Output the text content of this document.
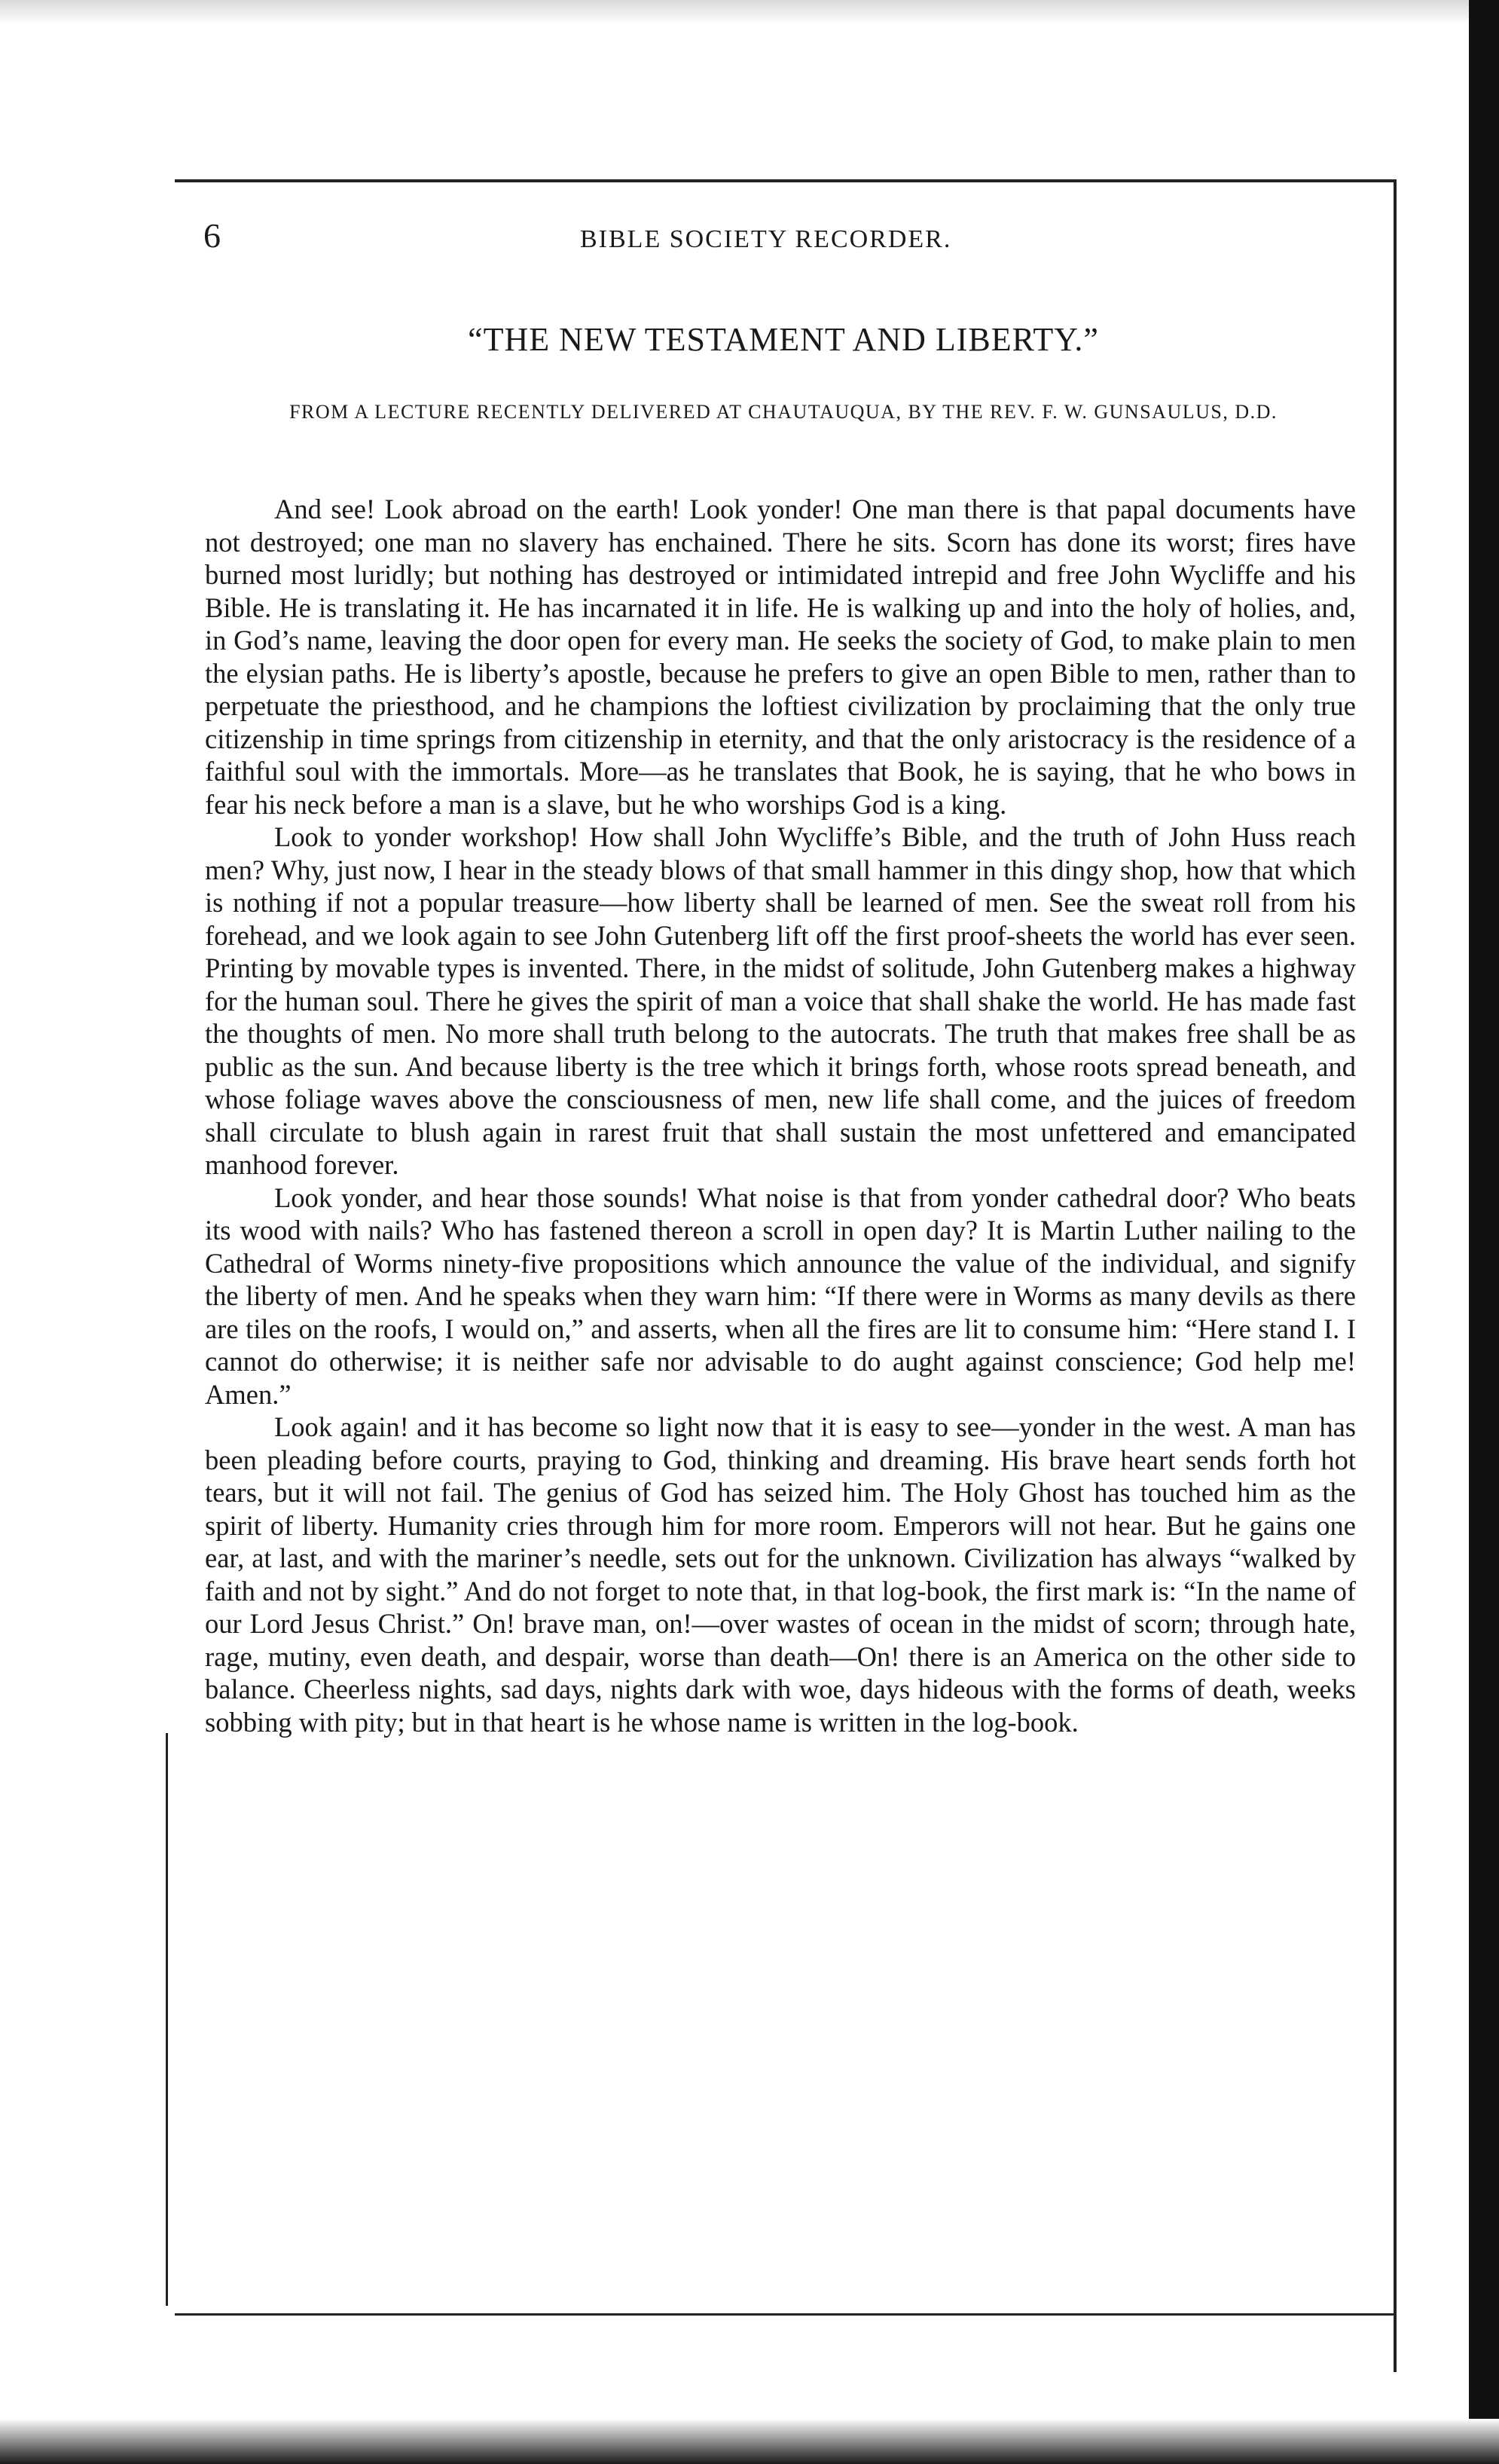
6	BIBLE SOCIETY RECORDER.
“THE NEW TESTAMENT AND LIBERTY.”
FROM A LECTURE RECENTLY DELIVERED AT CHAUTAUQUA, BY THE REV. F. W. GUNSAULUS, D.D.

And see! Look abroad on the earth! Look yonder! One man there is that papal documents have not destroyed; one man no slavery has enchained. There he sits. Scorn has done its worst; fires have burned most luridly; but nothing has destroyed or intimidated intrepid and free John Wycliffe and his Bible. He is translating it. He has incarnated it in life. He is walking up and into the holy of holies, and, in God’s name, leaving the door open for every man. He seeks the society of God, to make plain to men the elysian paths. He is liberty’s apostle, because he prefers to give an open Bible to men, rather than to perpetuate the priesthood, and he champions the loftiest civilization by proclaiming that the only true citizenship in time springs from citizenship in eternity, and that the only aristocracy is the residence of a faithful soul with the immortals. More—as he translates that Book, he is saying, that he who bows in fear his neck before a man is a slave, but he who worships God is a king.

Look to yonder workshop! How shall John Wycliffe’s Bible, and the truth of John Huss reach men? Why, just now, I hear in the steady blows of that small hammer in this dingy shop, how that which is nothing if not a popular treasure—how liberty shall be learned of men. See the sweat roll from his forehead, and we look again to see John Gutenberg lift off the first proof-sheets the world has ever seen. Printing by movable types is invented. There, in the midst of solitude, John Gutenberg makes a highway for the human soul. There he gives the spirit of man a voice that shall shake the world. He has made fast the thoughts of men. No more shall truth belong to the autocrats. The truth that makes free shall be as public as the sun. And because liberty is the tree which it brings forth, whose roots spread beneath, and whose foliage waves above the consciousness of men, new life shall come, and the juices of freedom shall circulate to blush again in rarest fruit that shall sustain the most unfettered and emancipated manhood forever.

Look yonder, and hear those sounds! What noise is that from yonder cathedral door? Who beats its wood with nails? Who has fastened thereon a scroll in open day? It is Martin Luther nailing to the Cathedral of Worms ninety-five propositions which announce the value of the individual, and signify the liberty of men. And he speaks when they warn him: “If there were in Worms as many devils as there are tiles on the roofs, I would on,” and asserts, when all the fires are lit to consume him: “Here stand I. I cannot do otherwise; it is neither safe nor advisable to do aught against conscience; God help me! Amen.”

Look again! and it has become so light now that it is easy to see—yonder in the west. A man has been pleading before courts, praying to God, thinking and dreaming. His brave heart sends forth hot tears, but it will not fail. The genius of God has seized him. The Holy Ghost has touched him as the spirit of liberty. Humanity cries through him for more room. Emperors will not hear. But he gains one ear, at last, and with the mariner’s needle, sets out for the unknown. Civilization has always “walked by faith and not by sight.” And do not forget to note that, in that log-book, the first mark is: “In the name of our Lord Jesus Christ.” On! brave man, on!—over wastes of ocean in the midst of scorn; through hate, rage, mutiny, even death, and despair, worse than death—On! there is an America on the other side to balance. Cheerless nights, sad days, nights dark with woe, days hideous with the forms of death, weeks sobbing with pity; but in that heart is he whose name is written in the log-book.
